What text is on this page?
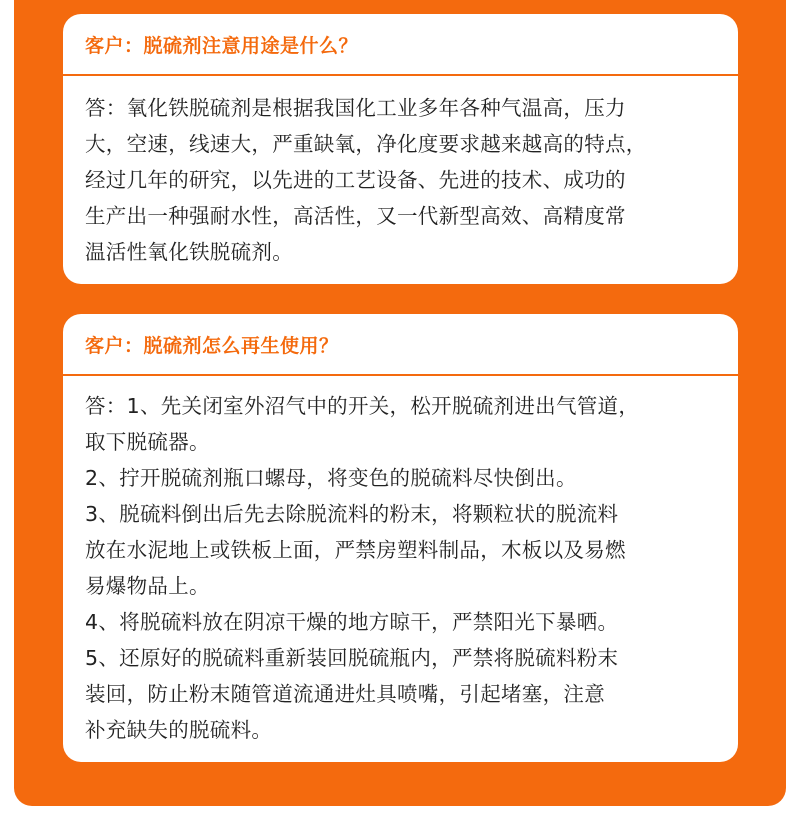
客户：脱硫剂注意用途是什么？
答：氧化铁脱硫剂是根据我国化工业多年各种气温高，压力
大，空速，线速大，严重缺氧，净化度要求越来越高的特点，
经过几年的研究，以先进的工艺设备、先进的技术、成功的
生产出一种强耐水性，高活性，又一代新型高效、高精度常
温活性氧化铁脱硫剂。
客户：脱硫剂怎么再生使用？
答：1、先关闭室外沼气中的开关，松开脱硫剂进出气管道，
取下脱硫器。
2、拧开脱硫剂瓶口螺母，将变色的脱硫料尽快倒出。
3、脱硫料倒出后先去除脱流料的粉末，将颗粒状的脱流料
放在水泥地上或铁板上面，严禁房塑料制品，木板以及易燃
易爆物品上。
4、将脱硫料放在阴凉干燥的地方晾干，严禁阳光下暴晒。
5、还原好的脱硫料重新装回脱硫瓶内，严禁将脱硫料粉末
装回，防止粉末随管道流通进灶具喷嘴，引起堵塞，注意
补充缺失的脱硫料。
